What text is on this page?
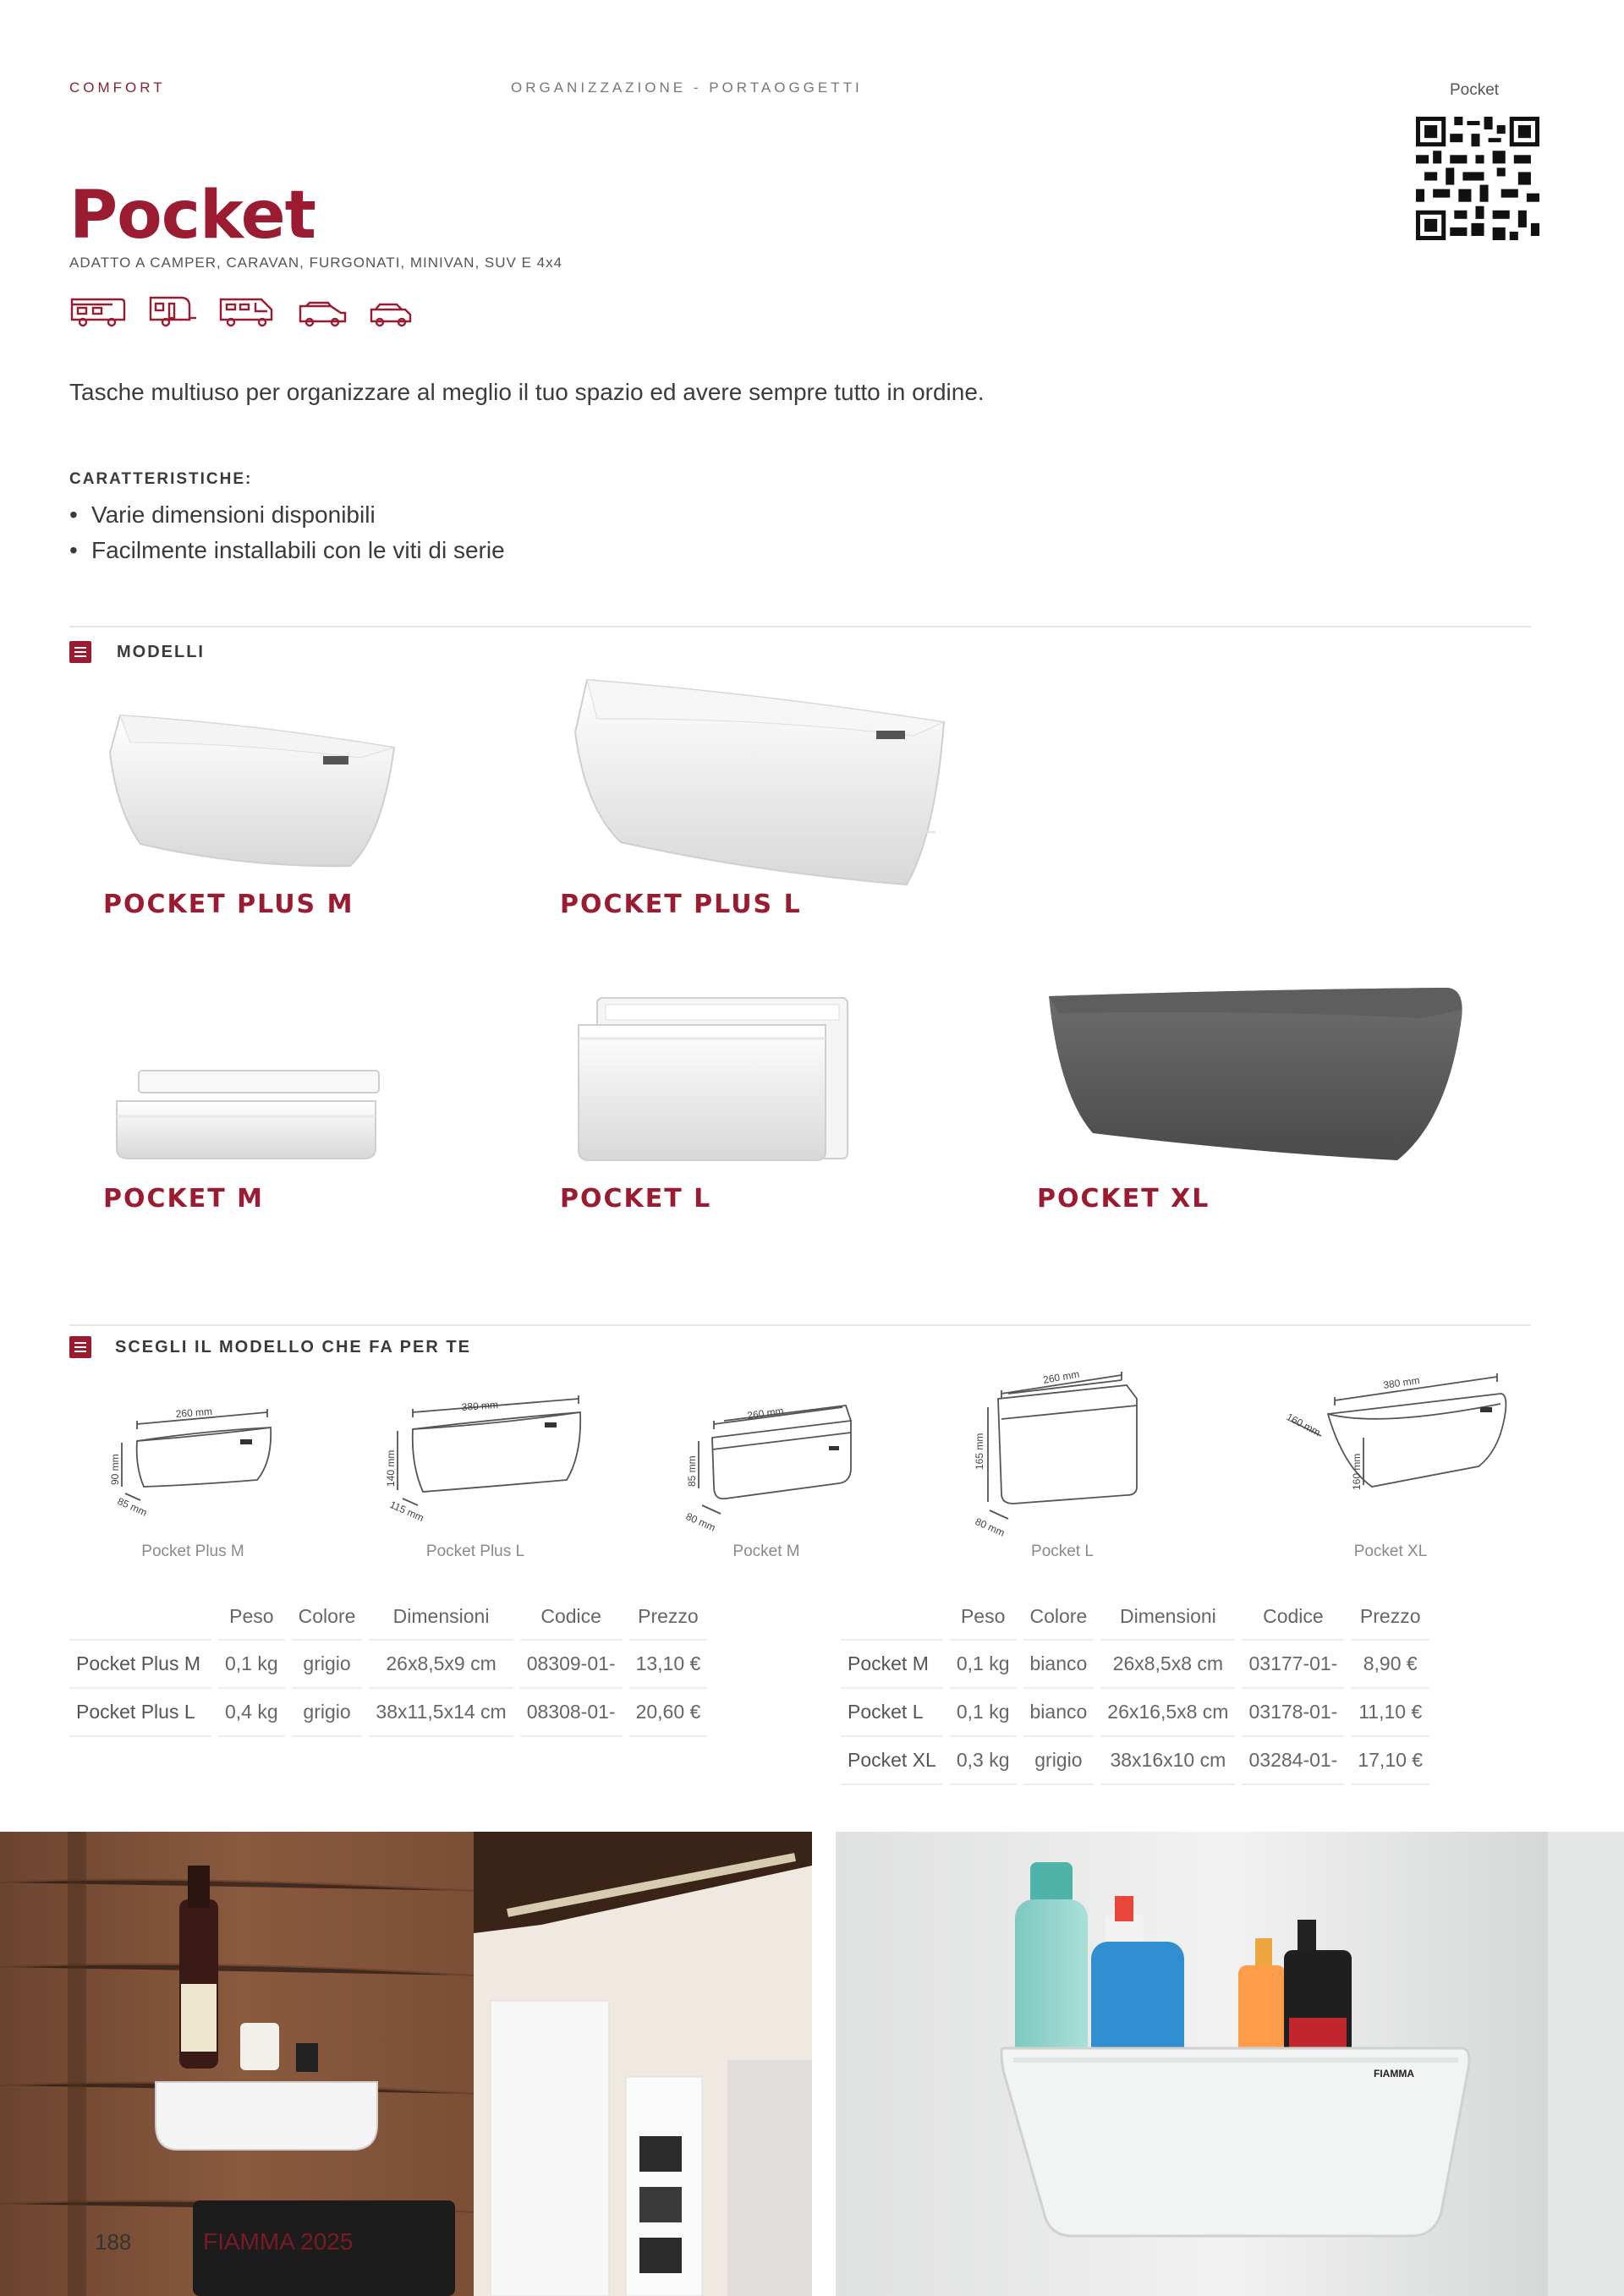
COMFORT	ORGANIZZAZIONE - PORTAOGGETTI	Pocket
Pocket
ADATTO A CAMPER, CARAVAN, FURGONATI, MINIVAN, SUV E 4x4
Tasche multiuso per organizzare al meglio il tuo spazio ed avere sempre tutto in ordine.
CARATTERISTICHE:
• Varie dimensioni disponibili
• Facilmente installabili con le viti di serie
MODELLI
POCKET PLUS M	POCKET PLUS L
POCKET M	POCKET L	POCKET XL
SCEGLI IL MODELLO CHE FA PER TE
260 mm
90 mm
85 mm
Pocket Plus M
380 mm
140 mm
115 mm
Pocket Plus L
260 mm
85 mm
80 mm
Pocket M
260 mm
165 mm
80 mm
Pocket L
380 mm
160 mm
160 mm
Pocket XL
	Peso	Colore	Dimensioni	Codice	Prezzo
Pocket Plus M	0,1 kg	grigio	26x8,5x9 cm	08309-01-	13,10 €
Pocket Plus L	0,4 kg	grigio	38x11,5x14 cm	08308-01-	20,60 €
	Peso	Colore	Dimensioni	Codice	Prezzo
Pocket M	0,1 kg	bianco	26x8,5x8 cm	03177-01-	8,90 €
Pocket L	0,1 kg	bianco	26x16,5x8 cm	03178-01-	11,10 €
Pocket XL	0,3 kg	grigio	38x16x10 cm	03284-01-	17,10 €
FIAMMA 2025
188
FIAMMA
